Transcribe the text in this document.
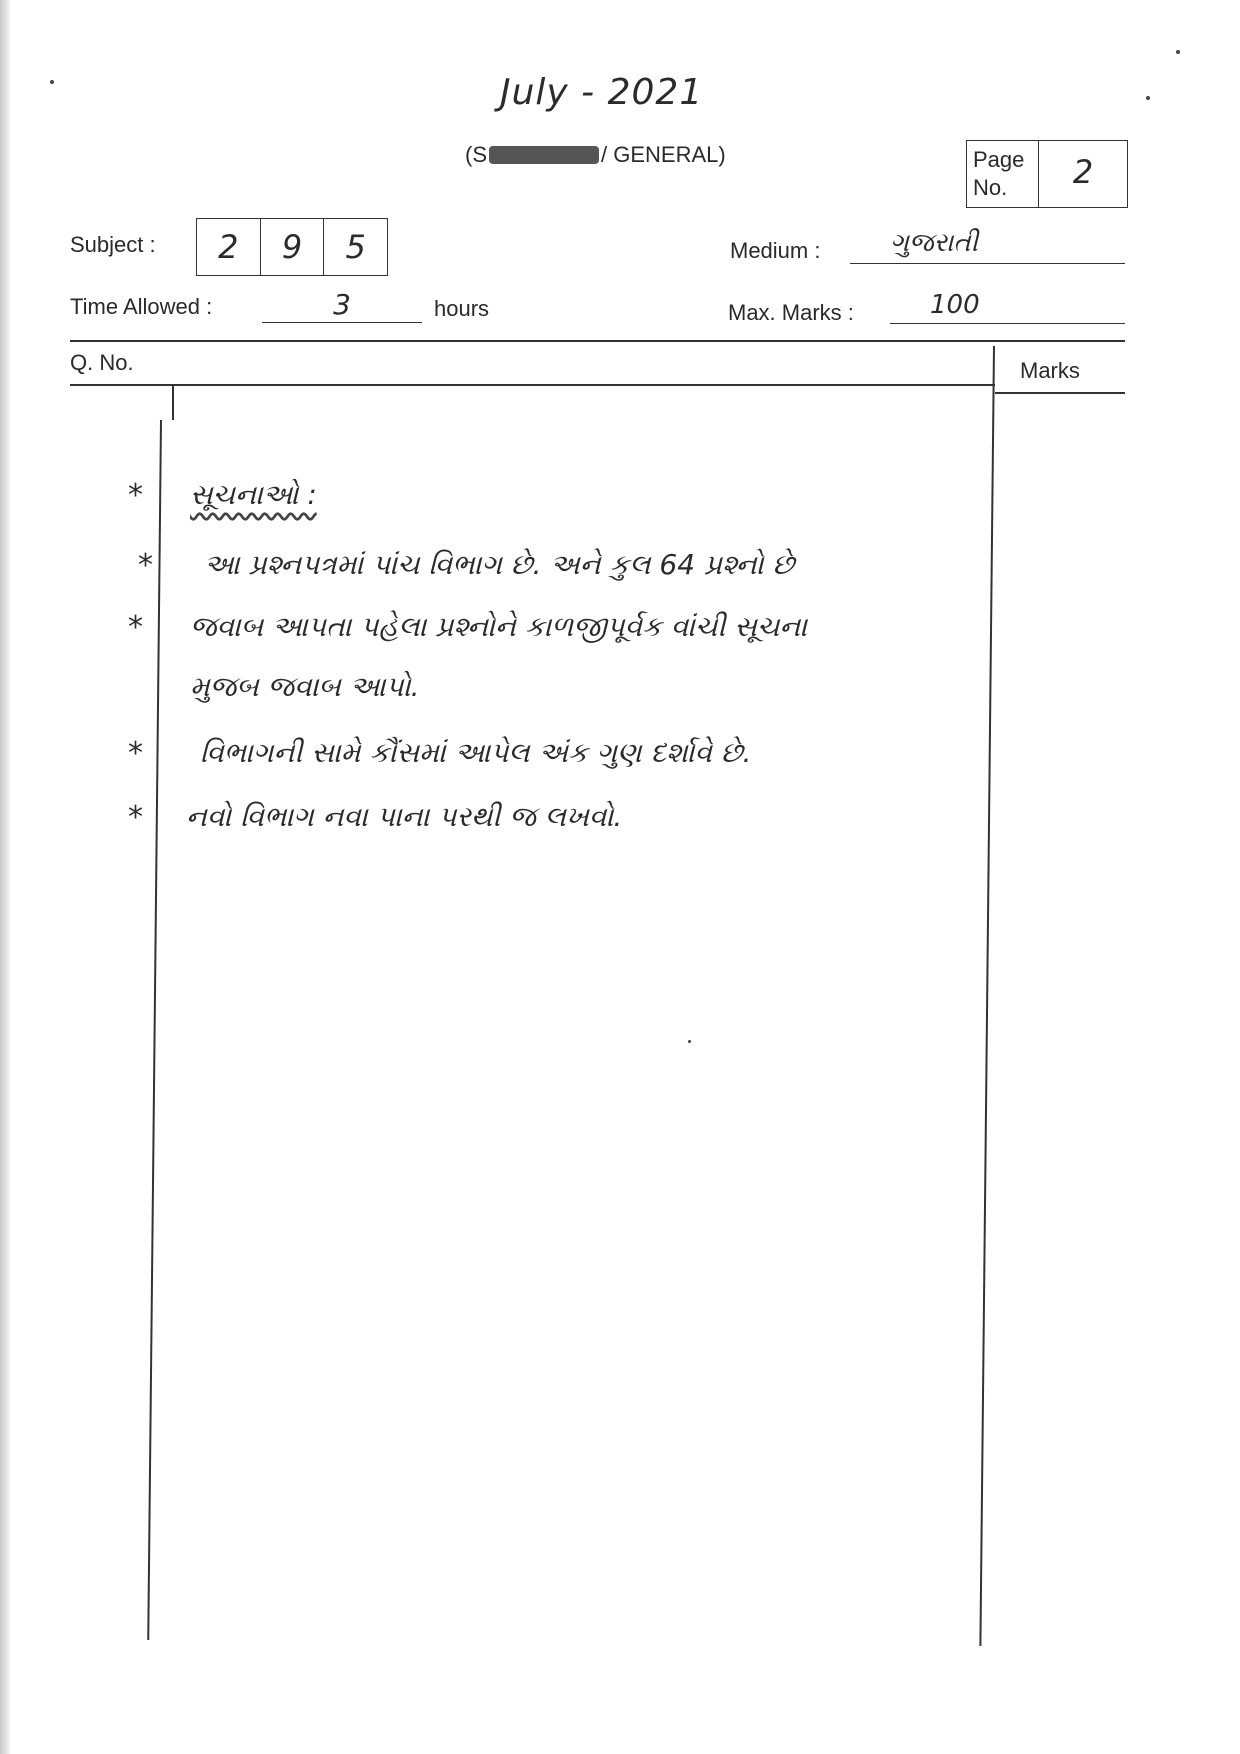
July - 2021
(S	/ GENERAL)	Page No.	2
Subject :	2	9	5	Medium :	ગુજરાતી
Time Allowed :	3	hours	Max. Marks :	100
Q. No.	Marks
* સૂચનાઓ :
* આ પ્રશ્નપત્રમાં પાંચ વિભાગ છે. અને કુલ 64 પ્રશ્નો છે
* જવાબ આપતા પહેલા પ્રશ્નોને કાળજીપૂર્વક વાંચી સૂચના
મુજબ જવાબ આપો.
* વિભાગની સામે કૌંસમાં આપેલ અંક ગુણ દર્શાવે છે.
* નવો વિભાગ નવા પાના પરથી જ લખવો.
